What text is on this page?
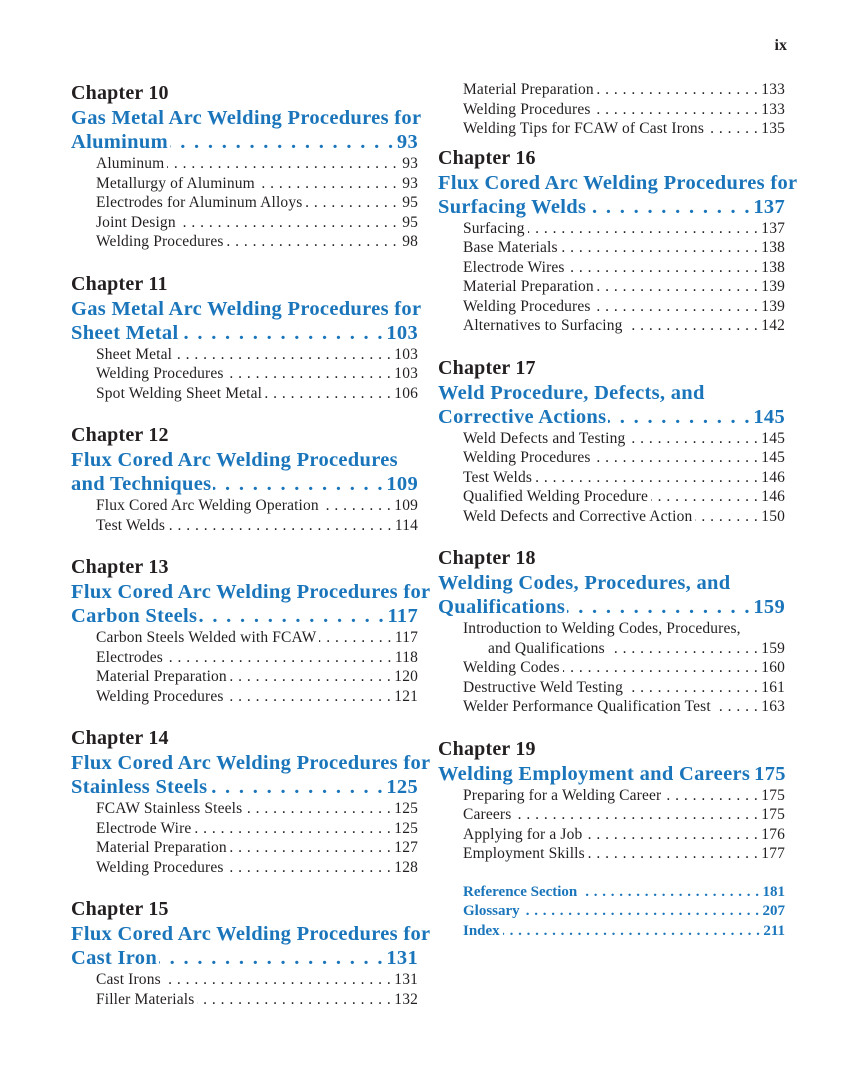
ix
Chapter 10
Gas Metal Arc Welding Procedures for
Aluminum . . .	93
Aluminum . . .	93
Metallurgy of Aluminum . . .	93
Electrodes for Aluminum Alloys . . .	95
Joint Design . . .	95
Welding Procedures . . .	98
Chapter 11
Gas Metal Arc Welding Procedures for
Sheet Metal . . .	103
Sheet Metal . . .	103
Welding Procedures . . .	103
Spot Welding Sheet Metal . . .	106
Chapter 12
Flux Cored Arc Welding Procedures
and Techniques . . .	109
Flux Cored Arc Welding Operation . . .	109
Test Welds . . .	114
Chapter 13
Flux Cored Arc Welding Procedures for
Carbon Steels . . .	117
Carbon Steels Welded with FCAW . . .	117
Electrodes . . .	118
Material Preparation . . .	120
Welding Procedures . . .	121
Chapter 14
Flux Cored Arc Welding Procedures for
Stainless Steels . . .	125
FCAW Stainless Steels . . .	125
Electrode Wire . . .	125
Material Preparation . . .	127
Welding Procedures . . .	128
Chapter 15
Flux Cored Arc Welding Procedures for
Cast Iron . . .	131
Cast Irons . . .	131
Filler Materials . . .	132
Material Preparation . . .	133
Welding Procedures . . .	133
Welding Tips for FCAW of Cast Irons . . .	135
Chapter 16
Flux Cored Arc Welding Procedures for
Surfacing Welds . . .	137
Surfacing . . .	137
Base Materials . . .	138
Electrode Wires . . .	138
Material Preparation . . .	139
Welding Procedures . . .	139
Alternatives to Surfacing . . .	142
Chapter 17
Weld Procedure, Defects, and
Corrective Actions . . .	145
Weld Defects and Testing . . .	145
Welding Procedures . . .	145
Test Welds . . .	146
Qualified Welding Procedure . . .	146
Weld Defects and Corrective Action . . .	150
Chapter 18
Welding Codes, Procedures, and
Qualifications . . .	159
Introduction to Welding Codes, Procedures,
and Qualifications . . .	159
Welding Codes . . .	160
Destructive Weld Testing . . .	161
Welder Performance Qualification Test . . .	163
Chapter 19
Welding Employment and Careers 175
Preparing for a Welding Career . . .	175
Careers . . .	175
Applying for a Job . . .	176
Employment Skills . . .	177
Reference Section . . .	181
Glossary . . .	207
Index . . .	211
